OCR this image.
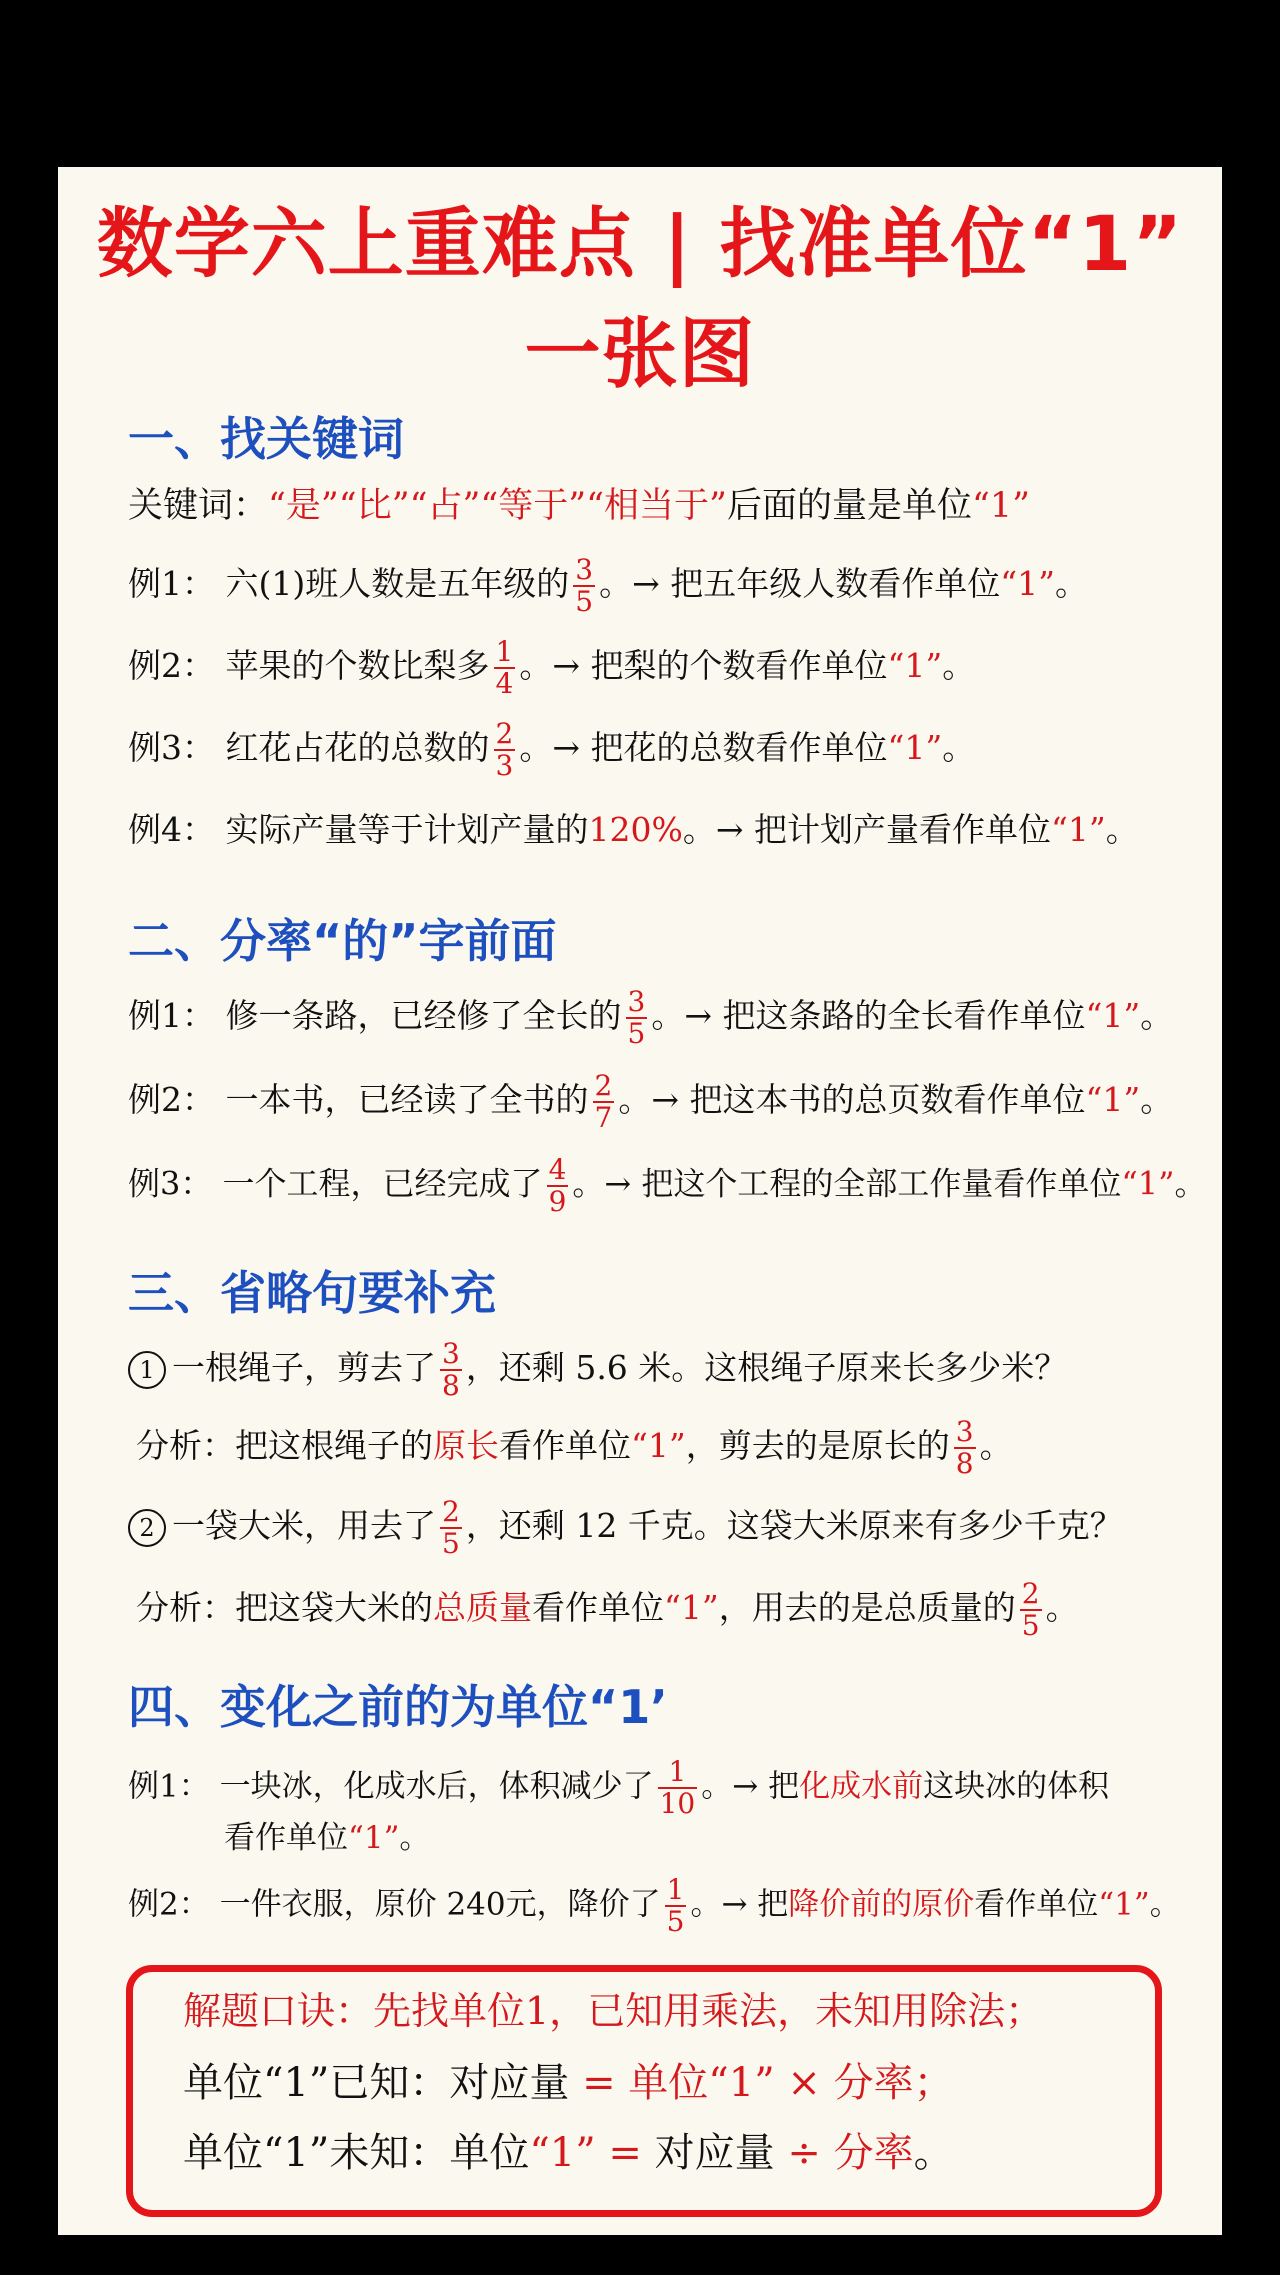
数学六上重难点 | 找准单位“1”
一张图
一、找关键词
关键词：“是”“比”“占”“等于”“相当于”后面的量是单位“1”
例1： 六(1)班人数是五年级的 $\frac{3}{5}$ 。→ 把五年级人数看作单位“1”。
例2： 苹果的个数比梨多 $\frac{1}{4}$ 。→ 把梨的个数看作单位“1”。
例3： 红花占花的总数的 $\frac{2}{3}$ 。→ 把花的总数看作单位“1”。
例4： 实际产量等于计划产量的120%。→ 把计划产量看作单位“1”。
二、分率“的”字前面
例1： 修一条路，已经修了全长的 $\frac{3}{5}$ 。→ 把这条路的全长看作单位“1”。
例2： 一本书，已经读了全书的 $\frac{2}{7}$ 。→ 把这本书的总页数看作单位“1”。
例3： 一个工程，已经完成了 $\frac{4}{9}$ 。→ 把这个工程的全部工作量看作单位“1”。
三、省略句要补充
1 一根绳子，剪去了 $\frac{3}{8}$ ，还剩 5.6 米。这根绳子原来长多少米？
分析：把这根绳子的原长看作单位“1”，剪去的是原长的 $\frac{3}{8}$ 。
2 一袋大米，用去了 $\frac{2}{5}$ ，还剩 12 千克。这袋大米原来有多少千克？
分析：把这袋大米的总质量看作单位“1”，用去的是总质量的 $\frac{2}{5}$ 。
四、变化之前的为单位“1’
例1： 一块冰，化成水后，体积减少了 $\frac{1}{10}$ 。→ 把化成水前这块冰的体积
看作单位“1”。
例2： 一件衣服，原价 240元，降价了 $\frac{1}{5}$ 。→ 把降价前的原价看作单位“1”。
解题口诀：先找单位1，已知用乘法，未知用除法；
单位“1”已知：对应量 = 单位“1” × 分率；
单位“1”未知：单位“1” = 对应量 ÷ 分率。
